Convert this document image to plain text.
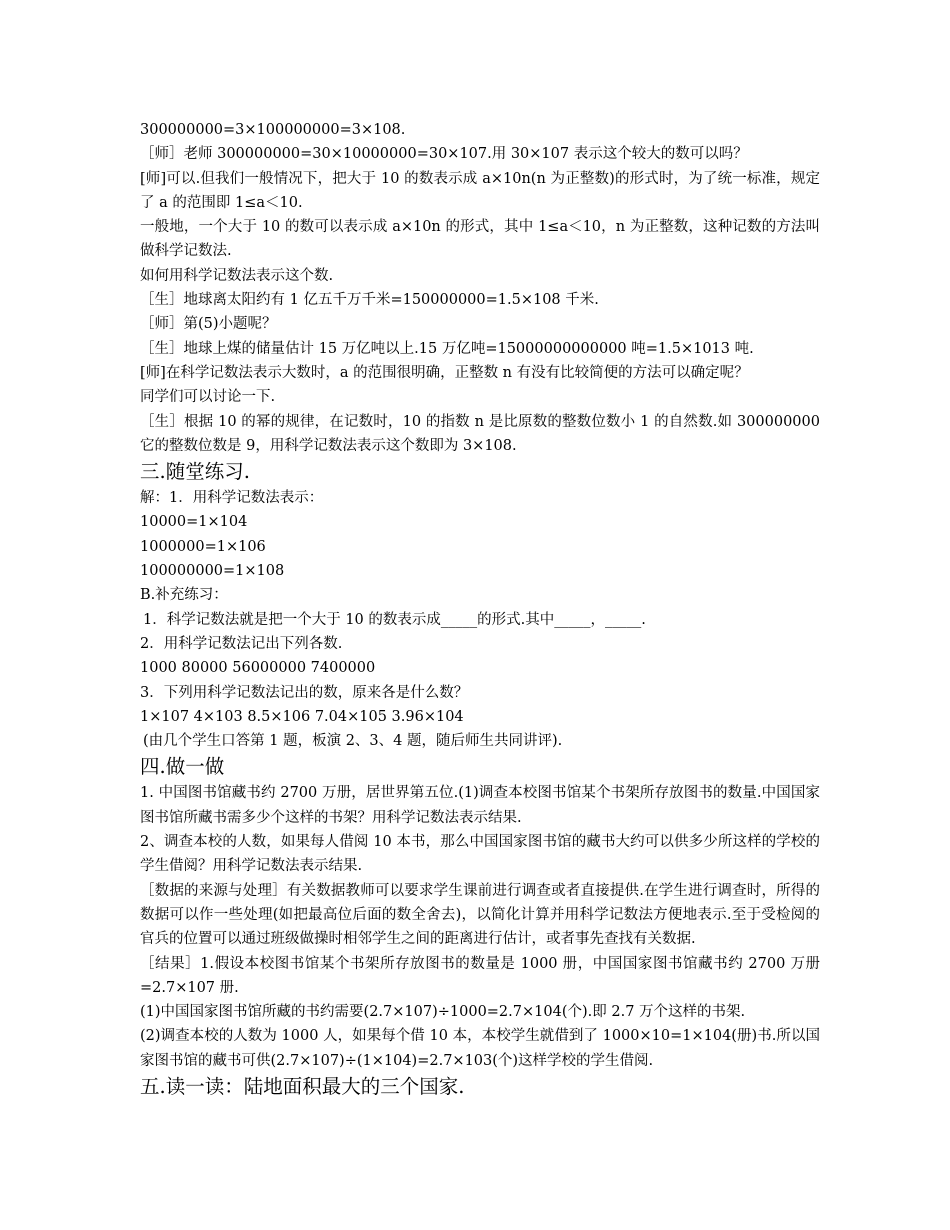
300000000=3×100000000=3×108.
［师］老师 300000000=30×10000000=30×107.用 30×107 表示这个较大的数可以吗？
[师]可以.但我们一般情况下，把大于 10 的数表示成 a×10n(n 为正整数)的形式时，为了统一标准，规定了 a 的范围即 1≤a＜10.
一般地，一个大于 10 的数可以表示成 a×10n 的形式，其中 1≤a＜10，n 为正整数，这种记数的方法叫做科学记数法.
如何用科学记数法表示这个数.
［生］地球离太阳约有 1 亿五千万千米=150000000=1.5×108 千米.
［师］第(5)小题呢？
［生］地球上煤的储量估计 15 万亿吨以上.15 万亿吨=15000000000000 吨=1.5×1013 吨.
[师]在科学记数法表示大数时，a 的范围很明确，正整数 n 有没有比较简便的方法可以确定呢？
同学们可以讨论一下.
［生］根据 10 的幂的规律，在记数时，10 的指数 n 是比原数的整数位数小 1 的自然数.如 300000000 它的整数位数是 9，用科学记数法表示这个数即为 3×108.
三.随堂练习.
解：1．用科学记数法表示：
10000=1×104
1000000=1×106
100000000=1×108
B.补充练习：
1．科学记数法就是把一个大于 10 的数表示成_____的形式.其中_____，_____.
2．用科学记数法记出下列各数.
1000 80000 56000000 7400000
3．下列用科学记数法记出的数，原来各是什么数？
1×107 4×103 8.5×106 7.04×105 3.96×104
(由几个学生口答第 1 题，板演 2、3、4 题，随后师生共同讲评).
四.做一做
1. 中国图书馆藏书约 2700 万册，居世界第五位.(1)调查本校图书馆某个书架所存放图书的数量.中国国家图书馆所藏书需多少个这样的书架？用科学记数法表示结果.
2、调查本校的人数，如果每人借阅 10 本书，那么中国国家图书馆的藏书大约可以供多少所这样的学校的学生借阅？用科学记数法表示结果.
［数据的来源与处理］有关数据教师可以要求学生课前进行调查或者直接提供.在学生进行调查时，所得的数据可以作一些处理(如把最高位后面的数全舍去)，以简化计算并用科学记数法方便地表示.至于受检阅的官兵的位置可以通过班级做操时相邻学生之间的距离进行估计，或者事先查找有关数据.
［结果］1.假设本校图书馆某个书架所存放图书的数量是 1000 册，中国国家图书馆藏书约 2700 万册=2.7×107 册.
(1)中国国家图书馆所藏的书约需要(2.7×107)÷1000=2.7×104(个).即 2.7 万个这样的书架.
(2)调查本校的人数为 1000 人，如果每个借 10 本，本校学生就借到了 1000×10=1×104(册)书.所以国家图书馆的藏书可供(2.7×107)÷(1×104)=2.7×103(个)这样学校的学生借阅.
五.读一读：陆地面积最大的三个国家.
